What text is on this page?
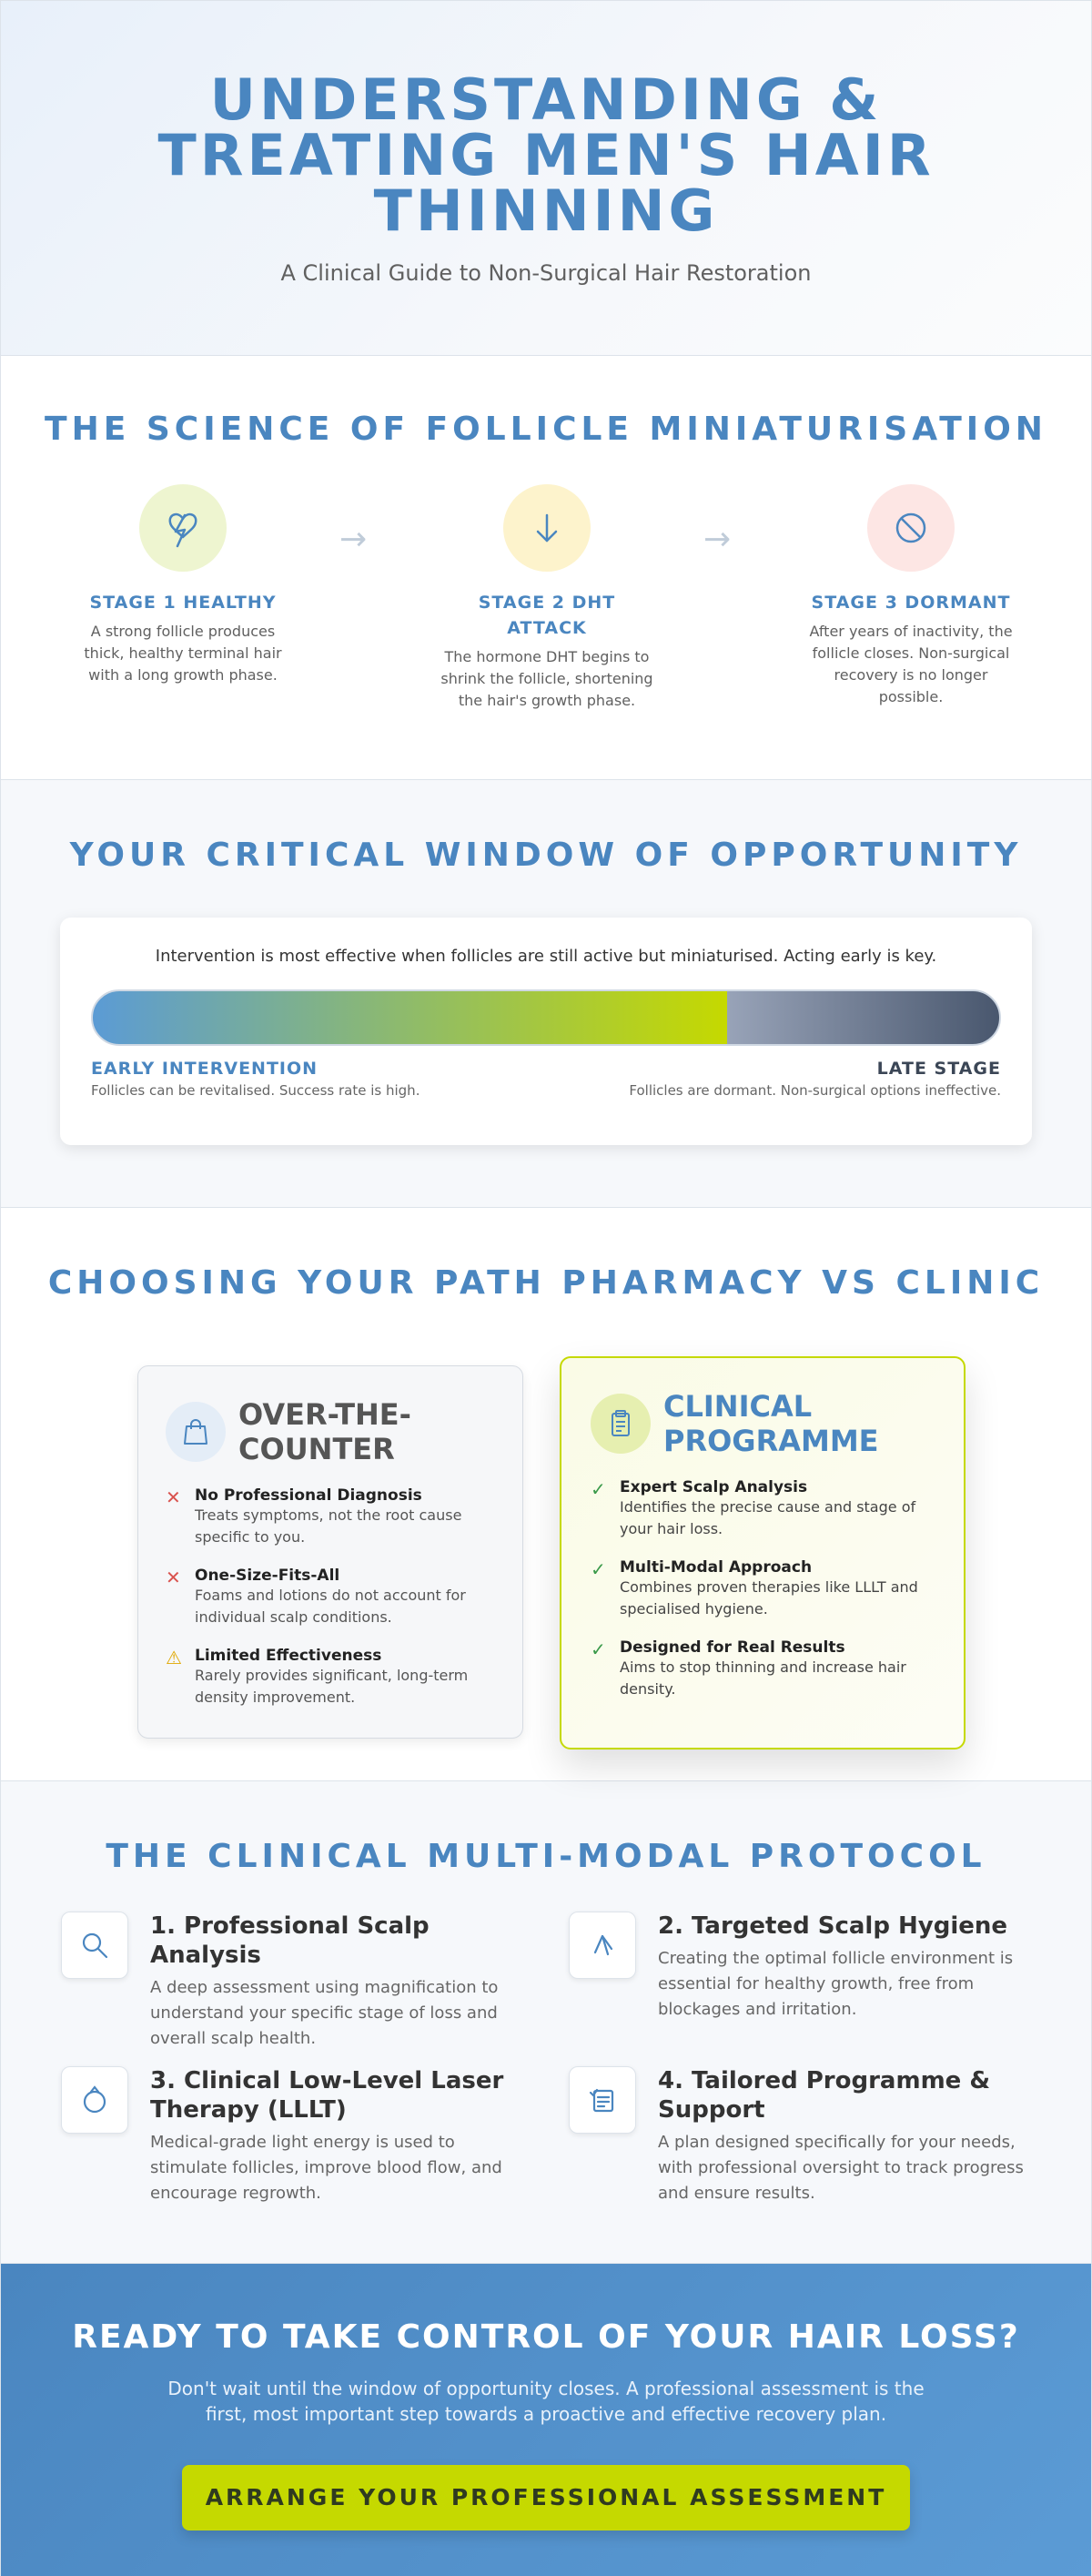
UNDERSTANDING & TREATING MEN'S HAIR THINNING
A Clinical Guide to Non-Surgical Hair Restoration
THE SCIENCE OF FOLLICLE MINIATURISATION
STAGE 1 HEALTHY
A strong follicle produces thick, healthy terminal hair with a long growth phase.
→
STAGE 2 DHT ATTACK
The hormone DHT begins to shrink the follicle, shortening the hair's growth phase.
→
STAGE 3 DORMANT
After years of inactivity, the follicle closes. Non-surgical recovery is no longer possible.
YOUR CRITICAL WINDOW OF OPPORTUNITY
Intervention is most effective when follicles are still active but miniaturised. Acting early is key.
EARLY INTERVENTION
Follicles can be revitalised. Success rate is high.
LATE STAGE
Follicles are dormant. Non-surgical options ineffective.
CHOOSING YOUR PATH PHARMACY VS CLINIC
OVER-THE-COUNTER
✕ No Professional Diagnosis
Treats symptoms, not the root cause specific to you.
✕ One-Size-Fits-All
Foams and lotions do not account for individual scalp conditions.
⚠ Limited Effectiveness
Rarely provides significant, long-term density improvement.
CLINICAL PROGRAMME
✓ Expert Scalp Analysis
Identifies the precise cause and stage of your hair loss.
✓ Multi-Modal Approach
Combines proven therapies like LLLT and specialised hygiene.
✓ Designed for Real Results
Aims to stop thinning and increase hair density.
THE CLINICAL MULTI-MODAL PROTOCOL
1. Professional Scalp Analysis
A deep assessment using magnification to understand your specific stage of loss and overall scalp health.
2. Targeted Scalp Hygiene
Creating the optimal follicle environment is essential for healthy growth, free from blockages and irritation.
3. Clinical Low-Level Laser Therapy (LLLT)
Medical-grade light energy is used to stimulate follicles, improve blood flow, and encourage regrowth.
4. Tailored Programme & Support
A plan designed specifically for your needs, with professional oversight to track progress and ensure results.
READY TO TAKE CONTROL OF YOUR HAIR LOSS?

Don't wait until the window of opportunity closes. A professional assessment is the first, most important step towards a proactive and effective recovery plan.

ARRANGE YOUR PROFESSIONAL ASSESSMENT
